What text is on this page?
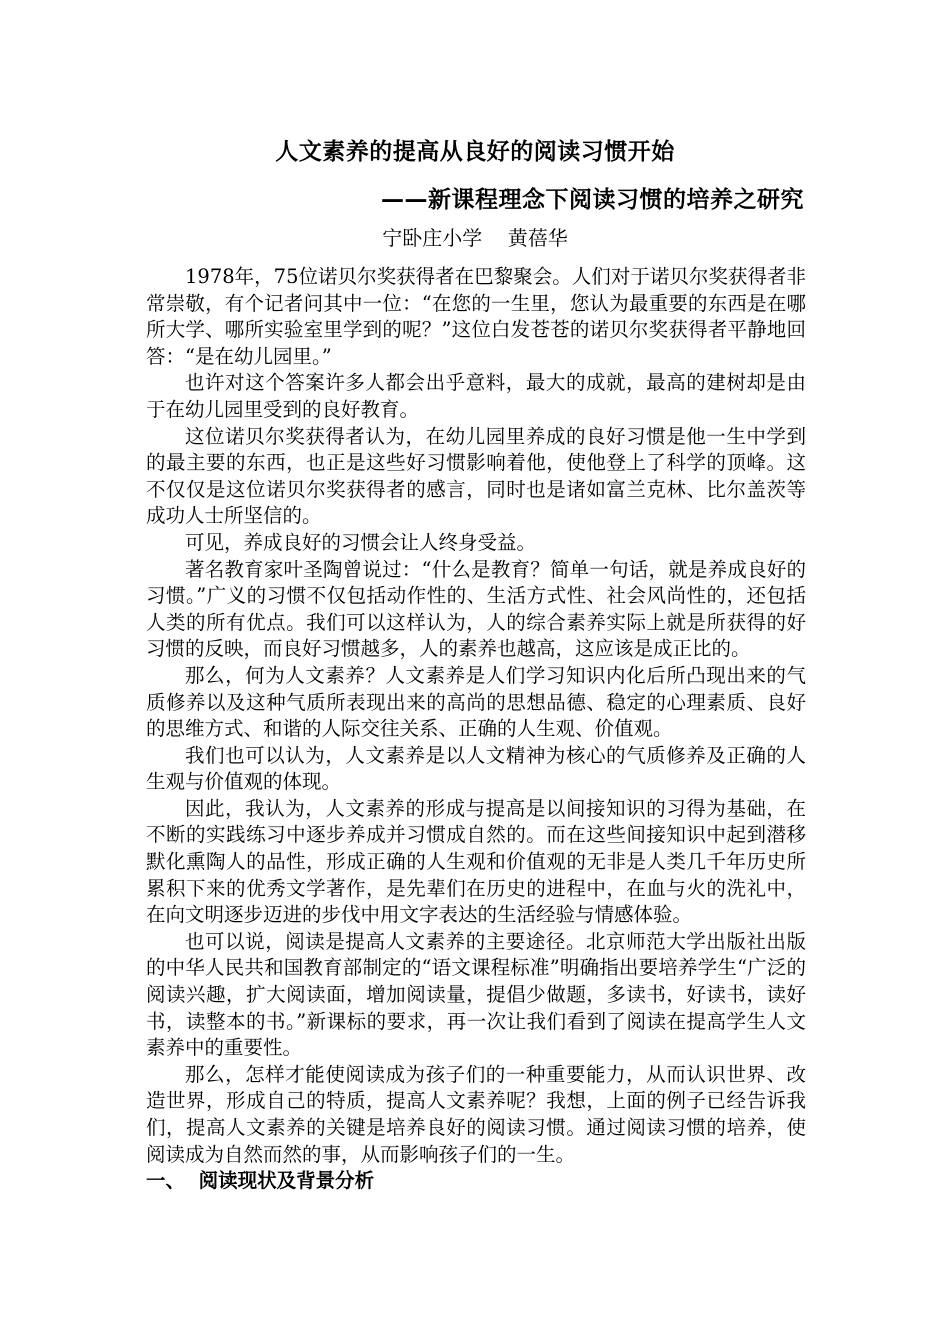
人文素养的提高从良好的阅读习惯开始
——新课程理念下阅读习惯的培养之研究
宁卧庄小学    黄蓓华

1978年，75位诺贝尔奖获得者在巴黎聚会。人们对于诺贝尔奖获得者非常崇敬，有个记者问其中一位：“在您的一生里，您认为最重要的东西是在哪所大学、哪所实验室里学到的呢？”这位白发苍苍的诺贝尔奖获得者平静地回答：“是在幼儿园里。”

也许对这个答案许多人都会出乎意料，最大的成就，最高的建树却是由于在幼儿园里受到的良好教育。

这位诺贝尔奖获得者认为，在幼儿园里养成的良好习惯是他一生中学到的最主要的东西，也正是这些好习惯影响着他，使他登上了科学的顶峰。这不仅仅是这位诺贝尔奖获得者的感言，同时也是诸如富兰克林、比尔盖茨等成功人士所坚信的。

可见，养成良好的习惯会让人终身受益。

著名教育家叶圣陶曾说过：“什么是教育？简单一句话，就是养成良好的习惯。”广义的习惯不仅包括动作性的、生活方式性、社会风尚性的，还包括人类的所有优点。我们可以这样认为，人的综合素养实际上就是所获得的好习惯的反映，而良好习惯越多，人的素养也越高，这应该是成正比的。

那么，何为人文素养？人文素养是人们学习知识内化后所凸现出来的气质修养以及这种气质所表现出来的高尚的思想品德、稳定的心理素质、良好的思维方式、和谐的人际交往关系、正确的人生观、价值观。

我们也可以认为，人文素养是以人文精神为核心的气质修养及正确的人生观与价值观的体现。

因此，我认为，人文素养的形成与提高是以间接知识的习得为基础，在不断的实践练习中逐步养成并习惯成自然的。而在这些间接知识中起到潜移默化熏陶人的品性，形成正确的人生观和价值观的无非是人类几千年历史所累积下来的优秀文学著作，是先辈们在历史的进程中，在血与火的洗礼中，在向文明逐步迈进的步伐中用文字表达的生活经验与情感体验。

也可以说，阅读是提高人文素养的主要途径。北京师范大学出版社出版的中华人民共和国教育部制定的“语文课程标准”明确指出要培养学生“广泛的阅读兴趣，扩大阅读面，增加阅读量，提倡少做题，多读书，好读书，读好书，读整本的书。”新课标的要求，再一次让我们看到了阅读在提高学生人文素养中的重要性。

那么，怎样才能使阅读成为孩子们的一种重要能力，从而认识世界、改造世界，形成自己的特质，提高人文素养呢？我想，上面的例子已经告诉我们，提高人文素养的关键是培养良好的阅读习惯。通过阅读习惯的培养，使阅读成为自然而然的事，从而影响孩子们的一生。

一、  阅读现状及背景分析
